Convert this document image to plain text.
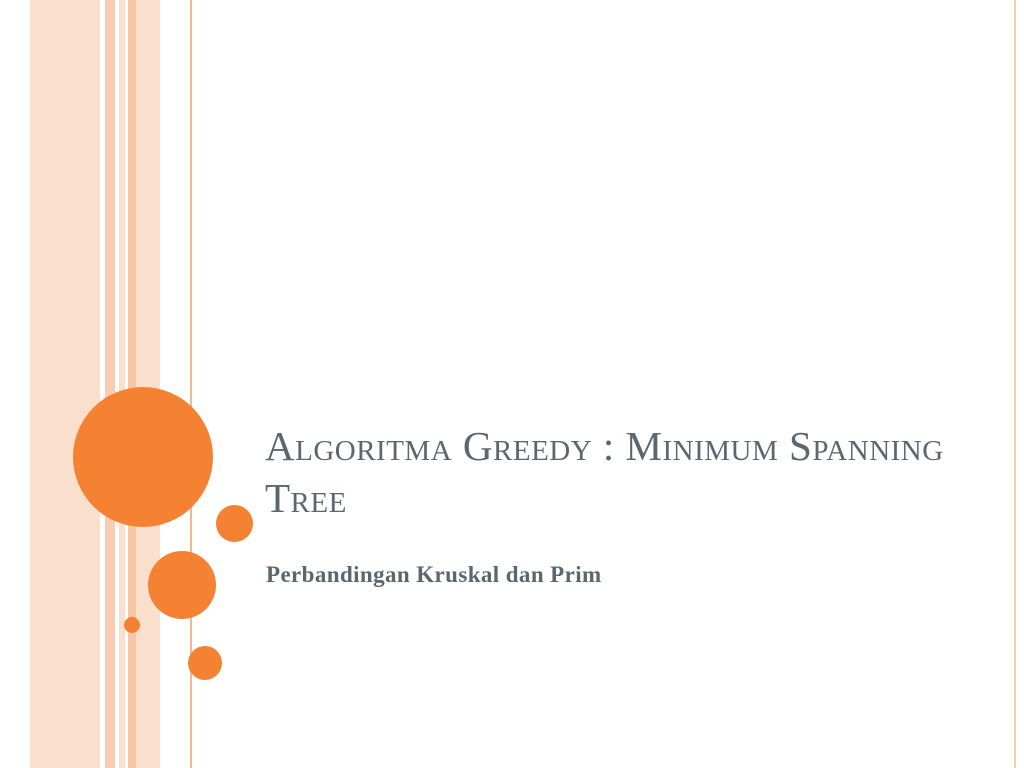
Algoritma Greedy : Minimum Spanning Tree

Perbandingan Kruskal dan Prim
